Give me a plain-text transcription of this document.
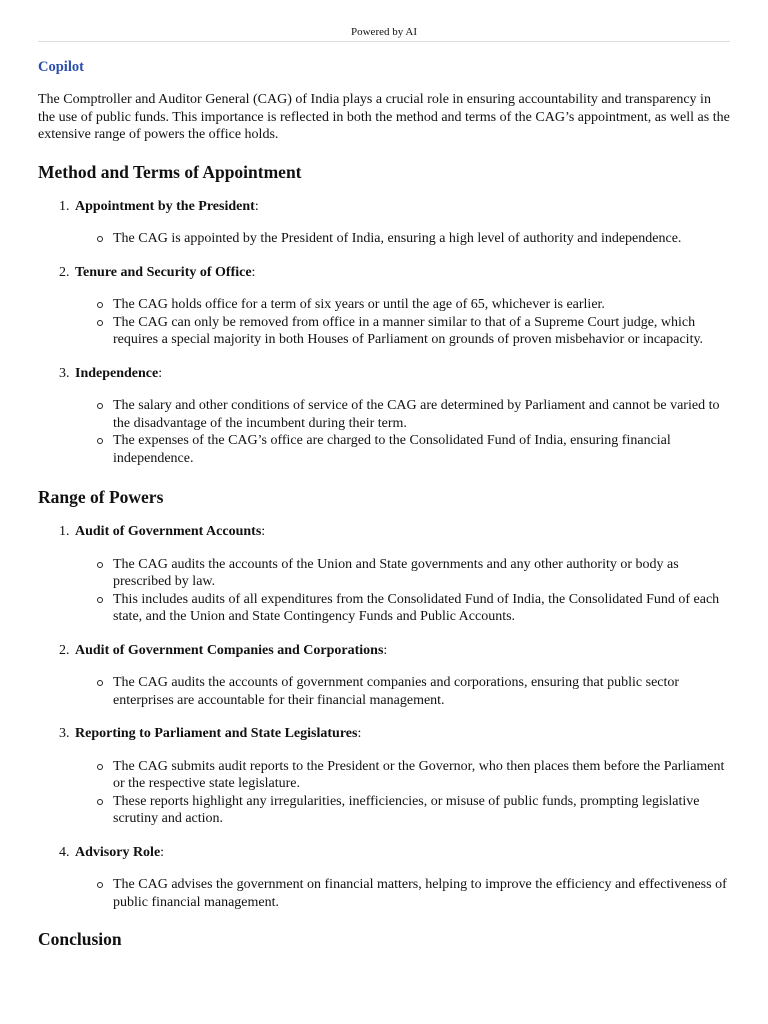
Powered by AI
Copilot

The Comptroller and Auditor General (CAG) of India plays a crucial role in ensuring accountability and transparency in the use of public funds. This importance is reflected in both the method and terms of the CAG’s appointment, as well as the extensive range of powers the office holds.

Method and Terms of Appointment
1. Appointment by the President:
The CAG is appointed by the President of India, ensuring a high level of authority and independence.
2. Tenure and Security of Office:
The CAG holds office for a term of six years or until the age of 65, whichever is earlier.
The CAG can only be removed from office in a manner similar to that of a Supreme Court judge, which requires a special majority in both Houses of Parliament on grounds of proven misbehavior or incapacity.
3. Independence:
The salary and other conditions of service of the CAG are determined by Parliament and cannot be varied to the disadvantage of the incumbent during their term.
The expenses of the CAG’s office are charged to the Consolidated Fund of India, ensuring financial independence.
Range of Powers
1. Audit of Government Accounts:
The CAG audits the accounts of the Union and State governments and any other authority or body as prescribed by law.
This includes audits of all expenditures from the Consolidated Fund of India, the Consolidated Fund of each state, and the Union and State Contingency Funds and Public Accounts.
2. Audit of Government Companies and Corporations:
The CAG audits the accounts of government companies and corporations, ensuring that public sector enterprises are accountable for their financial management.
3. Reporting to Parliament and State Legislatures:
The CAG submits audit reports to the President or the Governor, who then places them before the Parliament or the respective state legislature.
These reports highlight any irregularities, inefficiencies, or misuse of public funds, prompting legislative scrutiny and action.
4. Advisory Role:
The CAG advises the government on financial matters, helping to improve the efficiency and effectiveness of public financial management.
Conclusion
